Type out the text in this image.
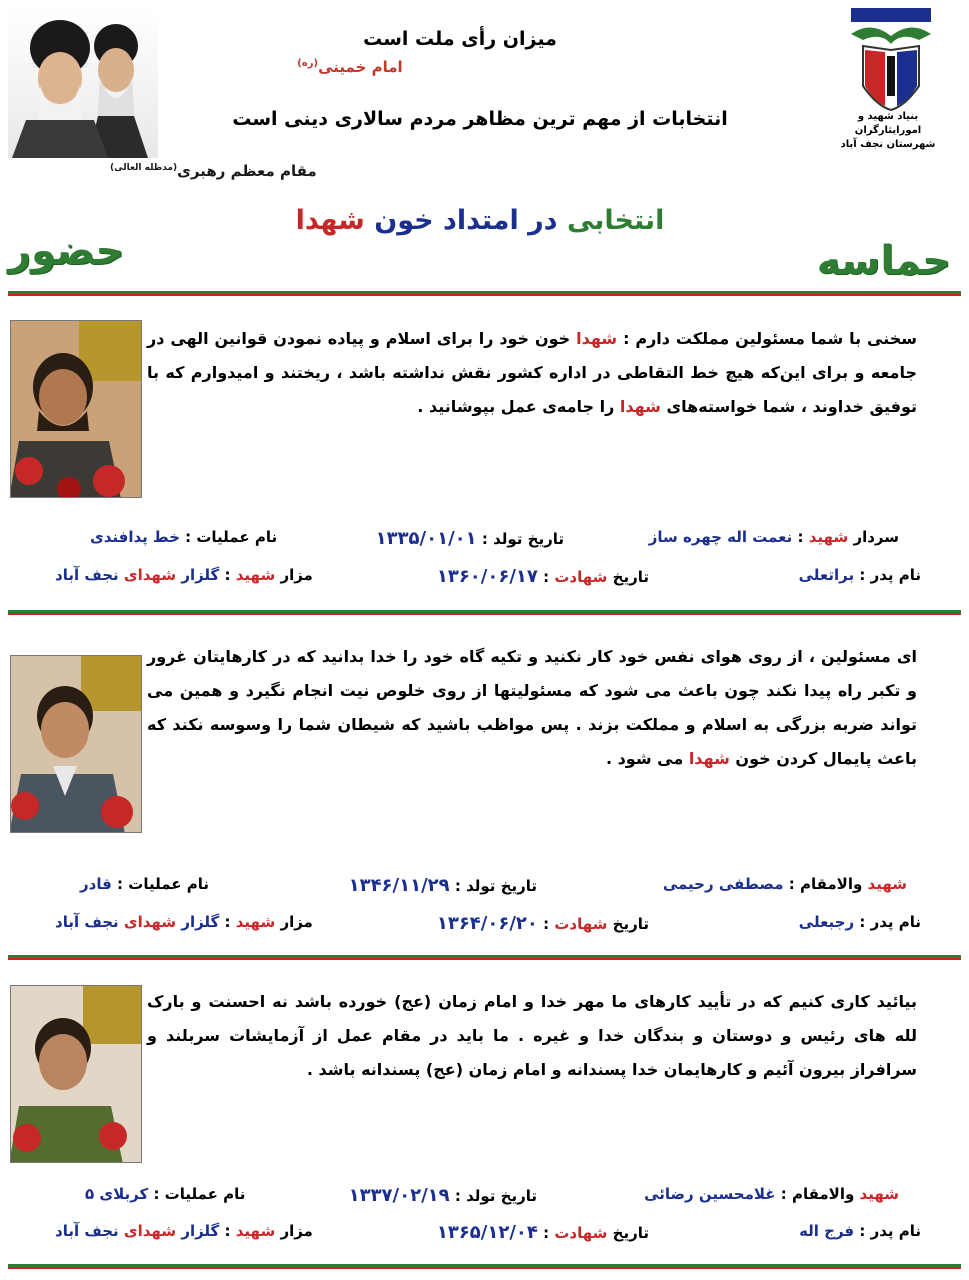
بنیاد شهید و امورایثارگران
شهرستان نجف آباد
میزان رأی ملت است
امام خمینی$^{(ره)}$
انتخابات از مهم ترین مظاهر مردم سالاری دینی است
مقام معظم رهبری$^{(مدظله العالی)}$
انتخابی در امتداد خون شهدا
حماسه
حضور
سخنی با شما مسئولین مملکت دارم : شهدا خون خود را برای اسلام و پیاده نمودن قوانین الهی در جامعه و برای این‌که هیچ خط التقاطی در اداره کشور نقش نداشته باشد ، ریختند و امیدوارم که با توفیق خداوند ، شما خواسته‌های شهدا را جامه‌ی عمل بپوشانید .
سردار شهید : نعمت اله چهره ساز
تاریخ تولد : ۱۳۳۵/۰۱/۰۱
نام عملیات : خط پدافندی
نام پدر : براتعلی
تاریخ شهادت : ۱۳۶۰/۰۶/۱۷
مزار شهید : گلزار شهدای نجف آباد
ای مسئولین ، از روی هوای نفس خود کار نکنید و تکیه گاه خود را خدا بدانید که در کارهایتان غرور و تکبر راه پیدا نکند چون باعث می شود که مسئولیتها از روی خلوص نیت انجام نگیرد و همین می تواند ضربه بزرگی به اسلام و مملکت بزند . پس مواظب باشید که شیطان شما را وسوسه نکند که باعث پایمال کردن خون شهدا می شود .
شهید والامقام : مصطفی رحیمی
تاریخ تولد : ۱۳۴۶/۱۱/۲۹
نام عملیات : قادر
نام پدر : رجبعلی
تاریخ شهادت : ۱۳۶۴/۰۶/۲۰
مزار شهید : گلزار شهدای نجف آباد
بیائید کاری کنیم که در تأیید کارهای ما مهر خدا و امام زمان (عج) خورده باشد نه احسنت و بارک لله های رئیس و دوستان و بندگان خدا و غیره . ما باید در مقام عمل از آزمایشات سربلند و سرافراز بیرون آئیم و کارهایمان خدا پسندانه و امام زمان (عج) پسندانه باشد .
شهید والامقام : غلامحسین رضائی
تاریخ تولد : ۱۳۳۷/۰۲/۱۹
نام عملیات : کربلای ۵
نام پدر : فرج اله
تاریخ شهادت : ۱۳۶۵/۱۲/۰۴
مزار شهید : گلزار شهدای نجف آباد
